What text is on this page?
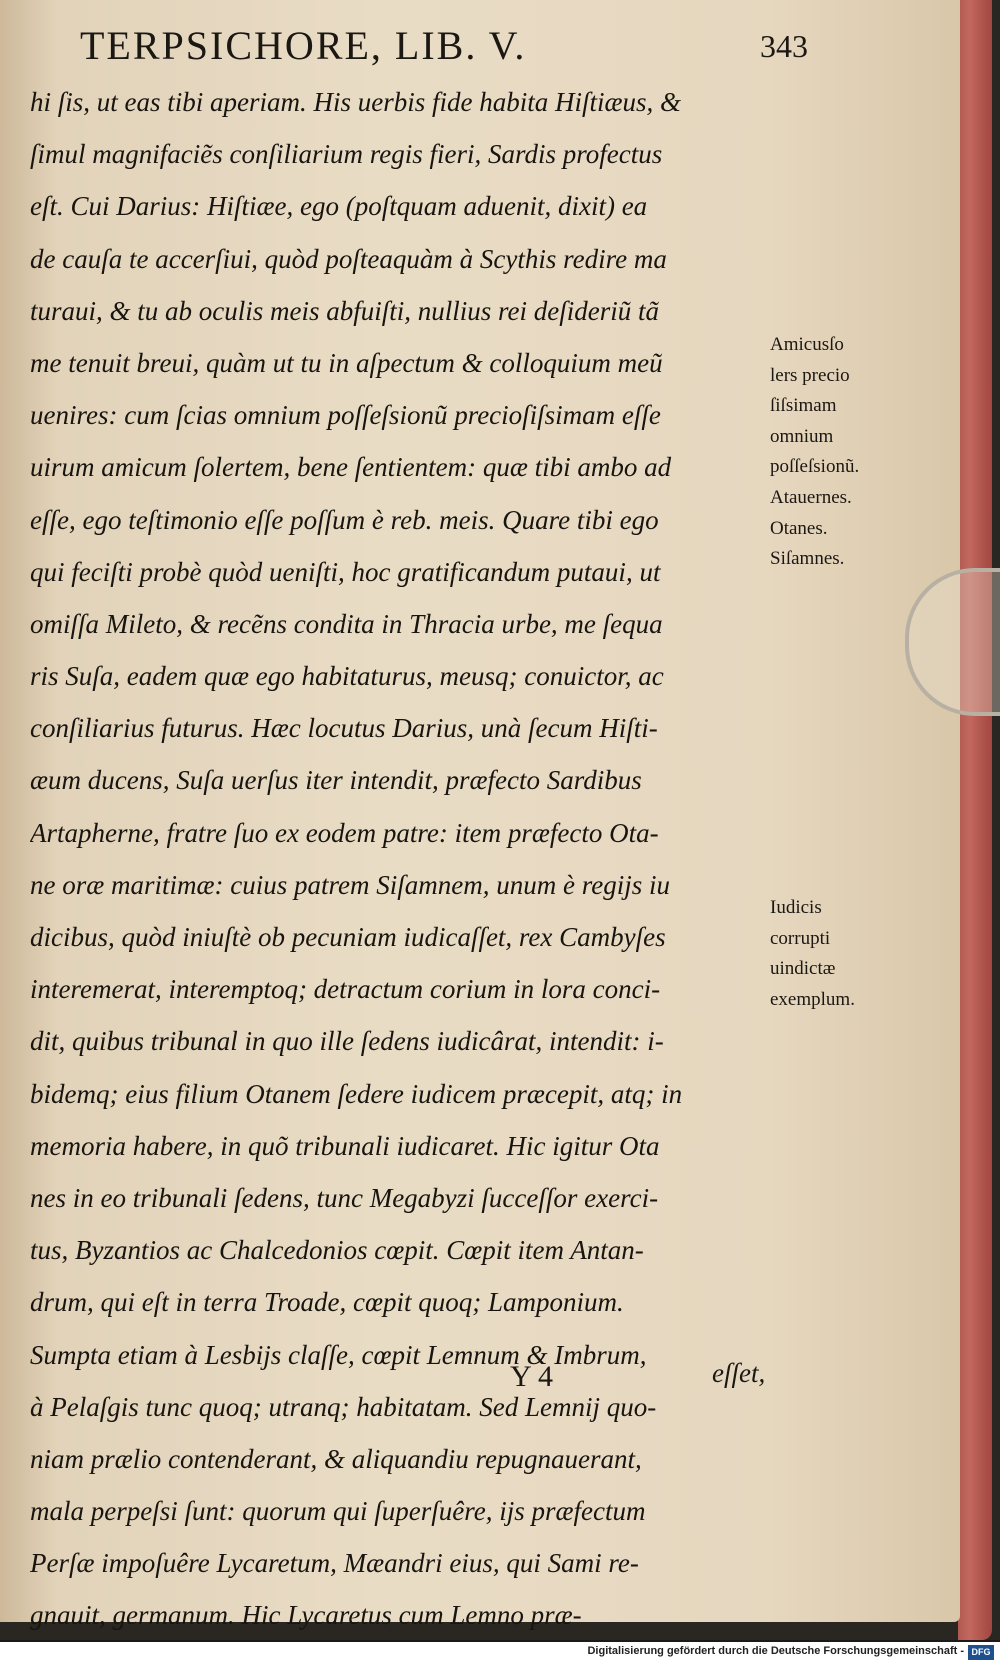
TERPSICHORE, LIB. V.	343
hi ſis, ut eas tibi aperiam. His uerbis fide habita Hiſtiæus, &
ſimul magnifaciẽs conſiliarium regis fieri, Sardis profectus
eſt. Cui Darius: Hiſtiæe, ego (poſtquam aduenit, dixit) ea
de cauſa te accerſiui, quòd poſteaquàm à Scythis redire ma
turaui, & tu ab oculis meis abfuiſti, nullius rei deſideriũ tã
me tenuit breui, quàm ut tu in aſpectum & colloquium meũ
uenires: cum ſcias omnium poſſeſsionũ precioſiſsimam eſſe
uirum amicum ſolertem, bene ſentientem: quæ tibi ambo ad
eſſe, ego teſtimonio eſſe poſſum è reb. meis. Quare tibi ego
qui feciſti probè quòd ueniſti, hoc gratificandum putaui, ut
omiſſa Mileto, & recẽns condita in Thracia urbe, me ſequa
ris Suſa, eadem quæ ego habitaturus, meusq; conuictor, ac
conſiliarius futurus. Hæc locutus Darius, unà ſecum Hiſti-
æum ducens, Suſa uerſus iter intendit, præfecto Sardibus
Artapherne, fratre ſuo ex eodem patre: item præfecto Ota-
ne oræ maritimæ: cuius patrem Siſamnem, unum è regijs iu
dicibus, quòd iniuſtè ob pecuniam iudicaſſet, rex Cambyſes
interemerat, interemptoq; detractum corium in lora conci-
dit, quibus tribunal in quo ille ſedens iudicârat, intendit: i-
bidemq; eius filium Otanem ſedere iudicem præcepit, atq; in
memoria habere, in quõ tribunali iudicaret. Hic igitur Ota
nes in eo tribunali ſedens, tunc Megabyzi ſucceſſor exerci-
tus, Byzantios ac Chalcedonios cœpit. Cœpit item Antan-
drum, qui eſt in terra Troade, cœpit quoq; Lamponium.
Sumpta etiam à Lesbijs claſſe, cœpit Lemnum & Imbrum,
à Pelaſgis tunc quoq; utranq; habitatam. Sed Lemnij quo-
niam prælio contenderant, & aliquandiu repugnauerant,
mala perpeſsi ſunt: quorum qui ſuperſuêre, ijs præfectum
Perſæ impoſuêre Lycaretum, Mæandri eius, qui Sami re-
gnauit, germanum. Hic Lycaretus cum Lemno præ-
Amicusſo
lers precio
ſiſsimam
omnium
poſſeſsionũ.
Atauernes.
Otanes.
Siſamnes.
Iudicis
corrupti
uindictæ
exemplum.
Y 4	eſſet,
Digitalisierung gefördert durch die Deutsche Forschungsgemeinschaft - DFG
